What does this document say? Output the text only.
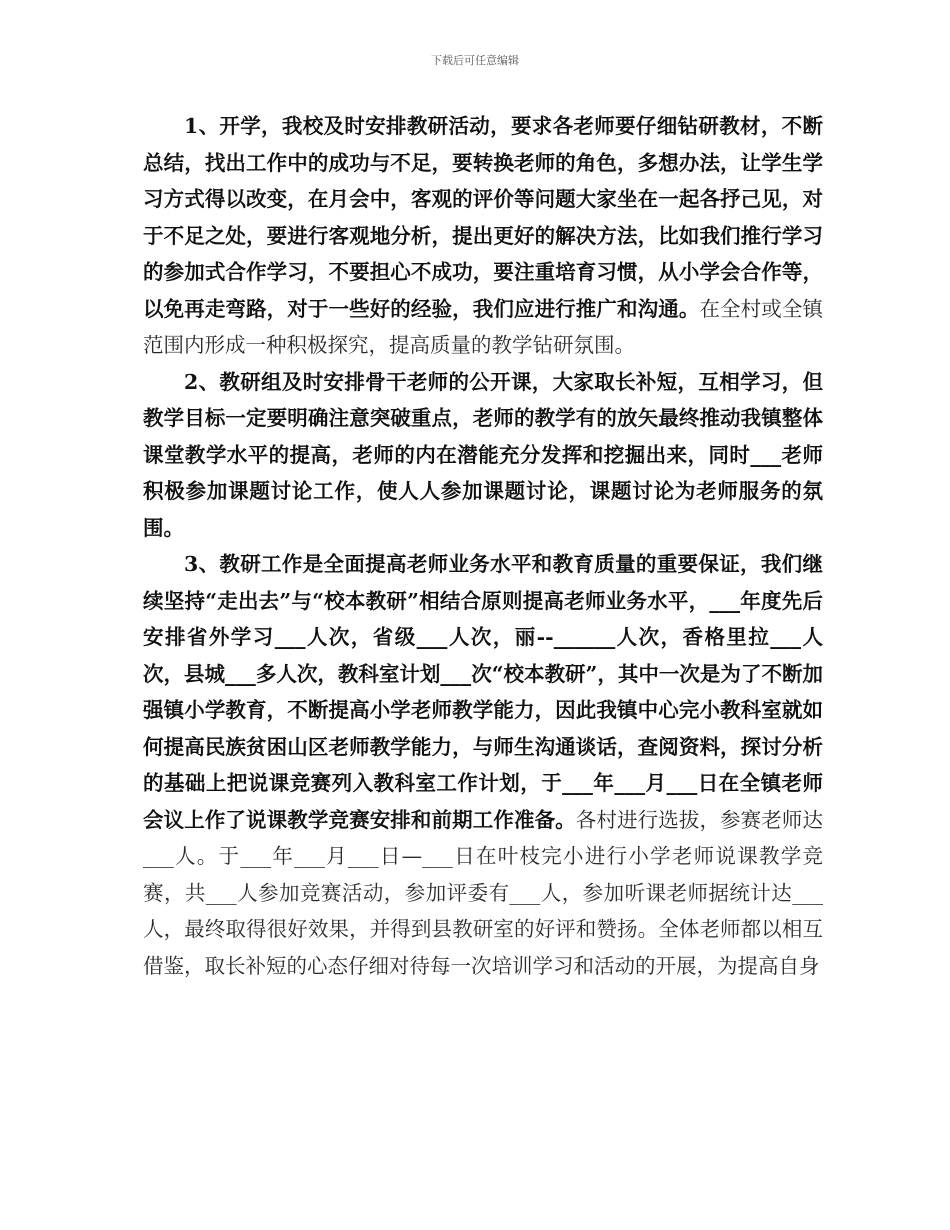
下载后可任意编辑

1、开学，我校及时安排教研活动，要求各老师要仔细钻研教材，不断总结，找出工作中的成功与不足，要转换老师的角色，多想办法，让学生学习方式得以改变，在月会中，客观的评价等问题大家坐在一起各抒己见，对于不足之处，要进行客观地分析，提出更好的解决方法，比如我们推行学习的参加式合作学习，不要担心不成功，要注重培育习惯，从小学会合作等，以免再走弯路，对于一些好的经验，我们应进行推广和沟通。在全村或全镇范围内形成一种积极探究，提高质量的教学钻研氛围。

2、教研组及时安排骨干老师的公开课，大家取长补短，互相学习，但教学目标一定要明确注意突破重点，老师的教学有的放矢最终推动我镇整体课堂教学水平的提高，老师的内在潜能充分发挥和挖掘出来，同时___老师积极参加课题讨论工作，使人人参加课题讨论，课题讨论为老师服务的氛围。

3、教研工作是全面提高老师业务水平和教育质量的重要保证，我们继续坚持“走出去”与“校本教研”相结合原则提高老师业务水平，___年度先后安排省外学习___人次，省级___人次，丽--______人次，香格里拉___人次，县城___多人次，教科室计划___次“校本教研”，其中一次是为了不断加强镇小学教育，不断提高小学老师教学能力，因此我镇中心完小教科室就如何提高民族贫困山区老师教学能力，与师生沟通谈话，查阅资料，探讨分析的基础上把说课竞赛列入教科室工作计划，于___年___月___日在全镇老师会议上作了说课教学竞赛安排和前期工作准备。各村进行选拔，参赛老师达___人。于___年___月___日—___日在叶枝完小进行小学老师说课教学竞赛，共___人参加竞赛活动，参加评委有___人，参加听课老师据统计达___人，最终取得很好效果，并得到县教研室的好评和赞扬。全体老师都以相互借鉴，取长补短的心态仔细对待每一次培训学习和活动的开展，为提高自身
